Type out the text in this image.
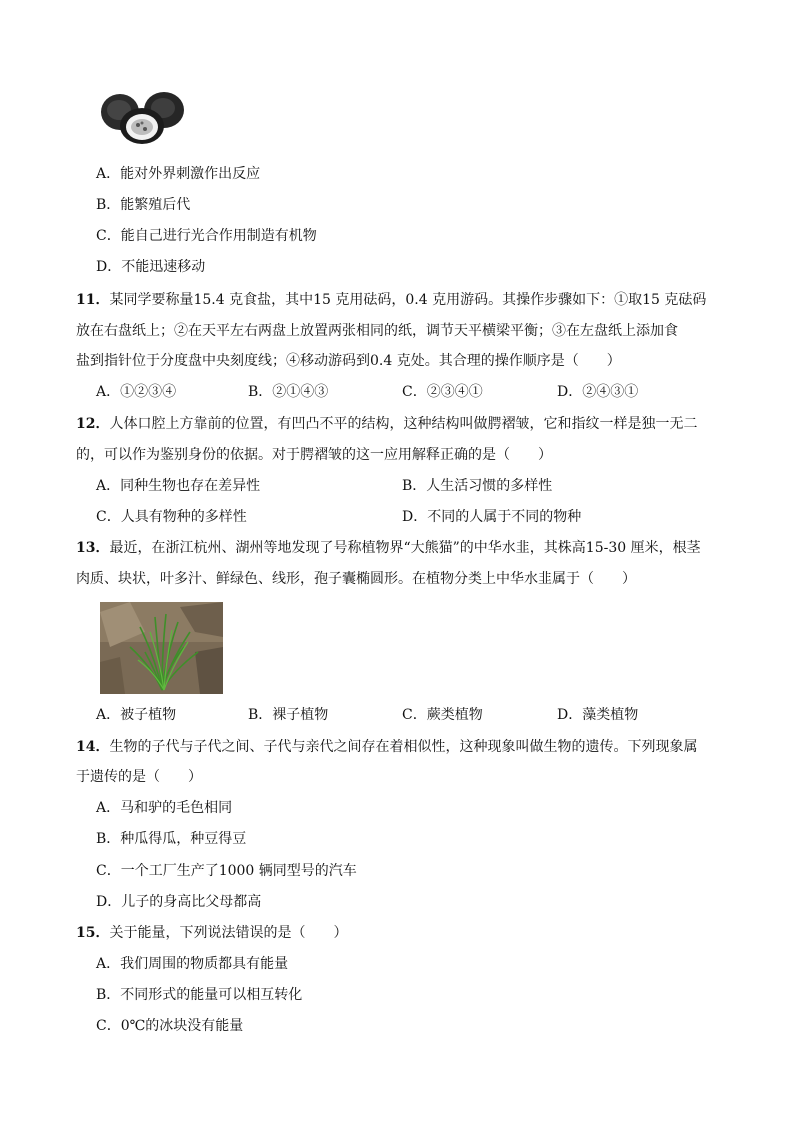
A．能对外界刺激作出反应
B．能繁殖后代
C．能自己进行光合作用制造有机物
D．不能迅速移动
11．某同学要称量15.4 克食盐，其中15 克用砝码，0.4 克用游码。其操作步骤如下：①取15 克砝码
放在右盘纸上；②在天平左右两盘上放置两张相同的纸，调节天平横梁平衡；③在左盘纸上添加食
盐到指针位于分度盘中央刻度线；④移动游码到0.4 克处。其合理的操作顺序是（　　）
A．①②③④	B．②①④③	C．②③④①	D．②④③①
12．人体口腔上方靠前的位置，有凹凸不平的结构，这种结构叫做腭褶皱，它和指纹一样是独一无二
的，可以作为鉴别身份的依据。对于腭褶皱的这一应用解释正确的是（　　）
A．同种生物也存在差异性	B．人生活习惯的多样性
C．人具有物种的多样性	D．不同的人属于不同的物种
13．最近，在浙江杭州、湖州等地发现了号称植物界“大熊猫”的中华水韭，其株高15-30 厘米，根茎
肉质、块状，叶多汁、鲜绿色、线形，孢子囊椭圆形。在植物分类上中华水韭属于（　　）
A．被子植物	B．裸子植物	C．蕨类植物	D．藻类植物
14．生物的子代与子代之间、子代与亲代之间存在着相似性，这种现象叫做生物的遗传。下列现象属
于遗传的是（　　）
A．马和驴的毛色相同
B．种瓜得瓜，种豆得豆
C．一个工厂生产了1000 辆同型号的汽车
D．儿子的身高比父母都高
15．关于能量，下列说法错误的是（　　）
A．我们周围的物质都具有能量
B．不同形式的能量可以相互转化
C．0℃的冰块没有能量
